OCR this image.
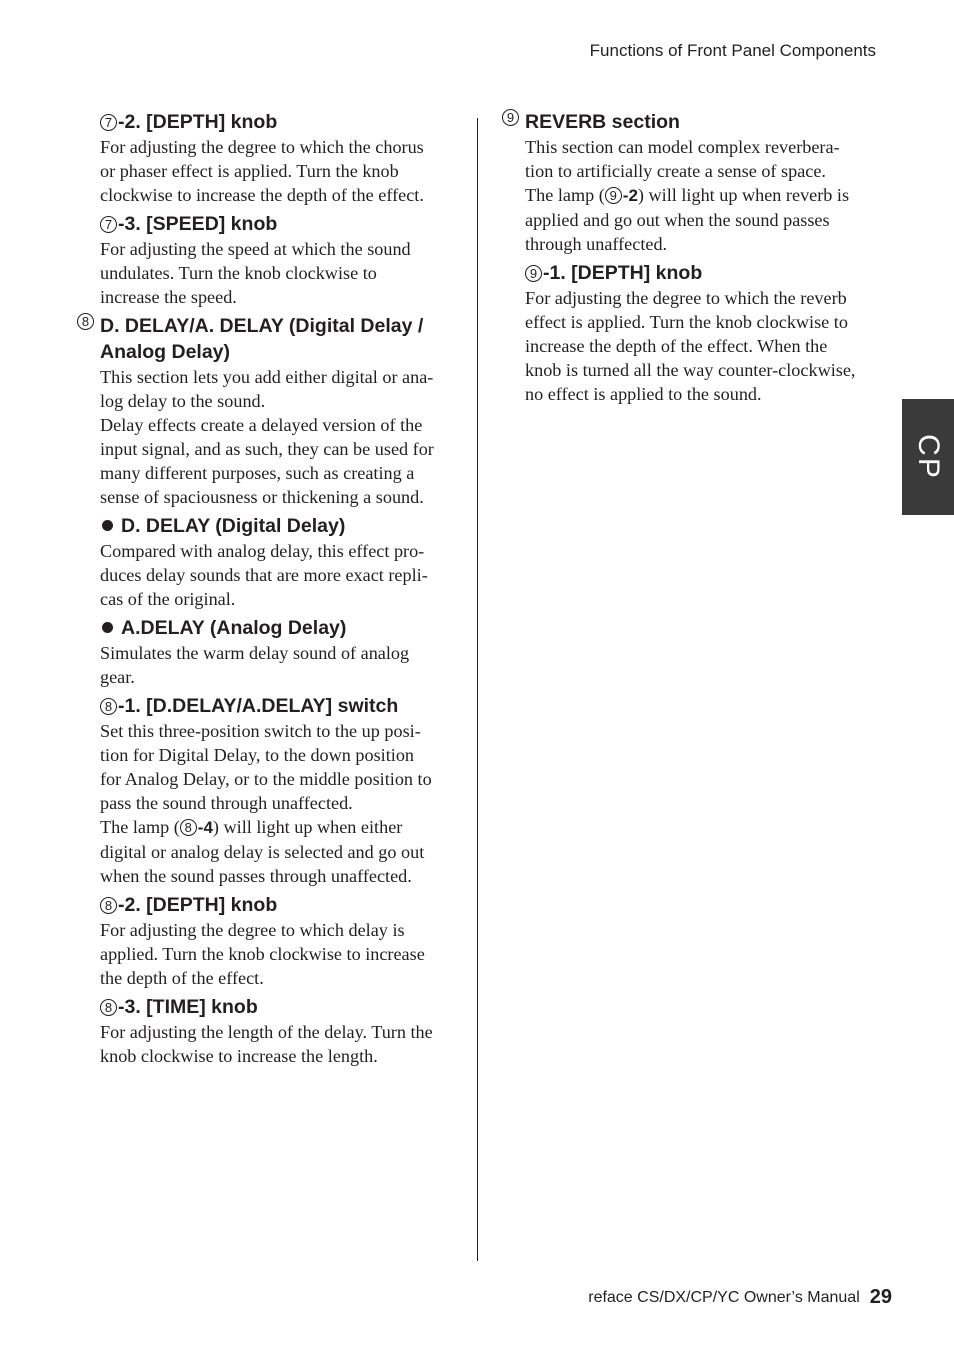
Functions of Front Panel Components
7 -2. [DEPTH] knob

For adjusting the degree to which the chorus
or phaser effect is applied. Turn the knob
clockwise to increase the depth of the effect.

7 -3. [SPEED] knob

For adjusting the speed at which the sound
undulates. Turn the knob clockwise to
increase the speed.

8 D. DELAY/A. DELAY (Digital Delay / Analog Delay)

This section lets you add either digital or ana-
log delay to the sound.
Delay effects create a delayed version of the
input signal, and as such, they can be used for
many different purposes, such as creating a
sense of spaciousness or thickening a sound.

D. DELAY (Digital Delay)

Compared with analog delay, this effect pro-
duces delay sounds that are more exact repli-
cas of the original.

A.DELAY (Analog Delay)

Simulates the warm delay sound of analog
gear.

8 -1. [D.DELAY/A.DELAY] switch

Set this three-position switch to the up posi-
tion for Digital Delay, to the down position
for Analog Delay, or to the middle position to
pass the sound through unaffected.
The lamp ( 8 -4) will light up when either
digital or analog delay is selected and go out
when the sound passes through unaffected.

8 -2. [DEPTH] knob

For adjusting the degree to which delay is
applied. Turn the knob clockwise to increase
the depth of the effect.

8 -3. [TIME] knob

For adjusting the length of the delay. Turn the
knob clockwise to increase the length.

9 REVERB section

This section can model complex reverbera-
tion to artificially create a sense of space.
The lamp ( 9 -2) will light up when reverb is
applied and go out when the sound passes
through unaffected.

9 -1. [DEPTH] knob

For adjusting the degree to which the reverb
effect is applied. Turn the knob clockwise to
increase the depth of the effect. When the
knob is turned all the way counter-clockwise,
no effect is applied to the sound.

CP
reface CS/DX/CP/YC Owner’s Manual 29
